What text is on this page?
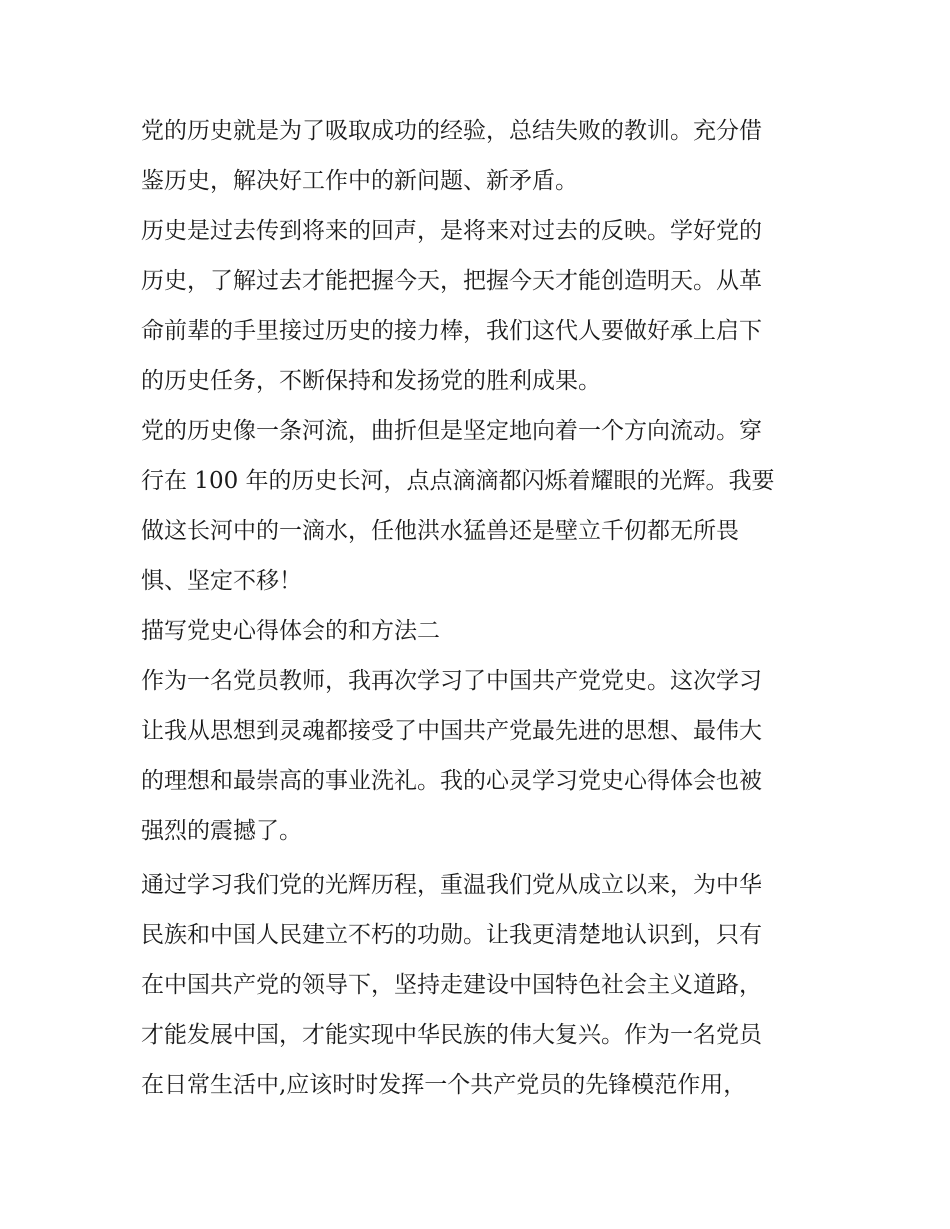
党的历史就是为了吸取成功的经验，总结失败的教训。充分借
鉴历史，解决好工作中的新问题、新矛盾。
历史是过去传到将来的回声，是将来对过去的反映。学好党的
历史，了解过去才能把握今天，把握今天才能创造明天。从革
命前辈的手里接过历史的接力棒，我们这代人要做好承上启下
的历史任务，不断保持和发扬党的胜利成果。
党的历史像一条河流，曲折但是坚定地向着一个方向流动。穿
行在 100 年的历史长河，点点滴滴都闪烁着耀眼的光辉。我要
做这长河中的一滴水，任他洪水猛兽还是壁立千仞都无所畏
惧、坚定不移！
描写党史心得体会的和方法二
作为一名党员教师，我再次学习了中国共产党党史。这次学习
让我从思想到灵魂都接受了中国共产党最先进的思想、最伟大
的理想和最崇高的事业洗礼。我的心灵学习党史心得体会也被
强烈的震撼了。
通过学习我们党的光辉历程，重温我们党从成立以来，为中华
民族和中国人民建立不朽的功勋。让我更清楚地认识到，只有
在中国共产党的领导下，坚持走建设中国特色社会主义道路，
才能发展中国，才能实现中华民族的伟大复兴。作为一名党员
在日常生活中,应该时时发挥一个共产党员的先锋模范作用，
